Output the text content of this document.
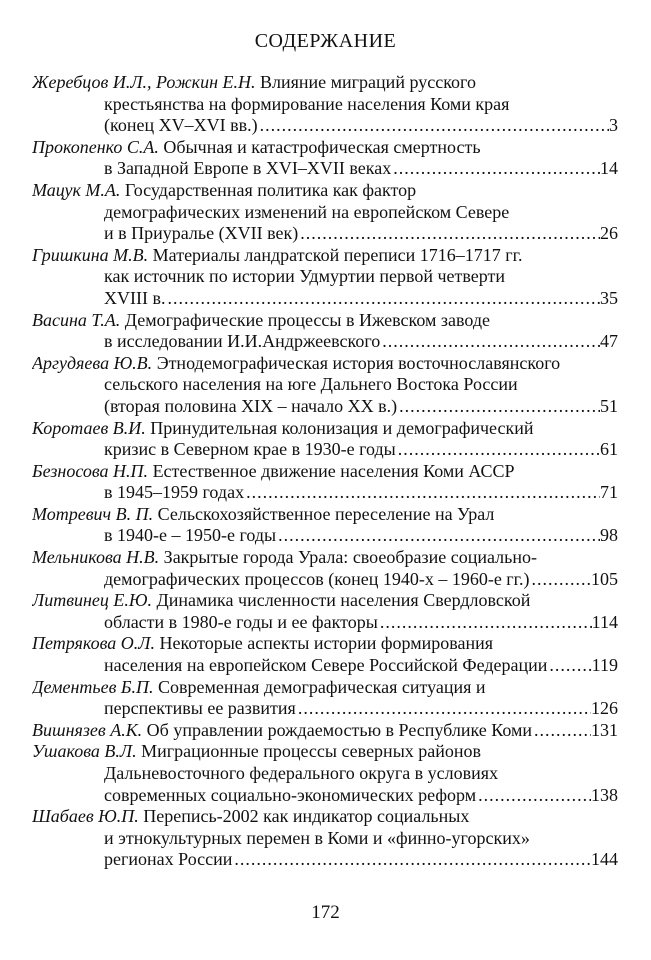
СОДЕРЖАНИЕ
Жеребцов И.Л., Рожкин Е.Н. Влияние миграций русского
крестьянства на формирование населения Коми края
(конец XV–XVI вв.) .....	3
Прокопенко С.А. Обычная и катастрофическая смертность
в Западной Европе в XVI–XVII веках .....	14
Мацук М.А. Государственная политика как фактор
демографических изменений на европейском Севере
и в Приуралье (XVII век) .....	26
Гришкина М.В. Материалы ландратской переписи 1716–1717 гг.
как источник по истории Удмуртии первой четверти
XVIII в. .....	35
Васина Т.А. Демографические процессы в Ижевском заводе
в исследовании И.И.Андржеевского .....	47
Аргудяева Ю.В. Этнодемографическая история восточнославянского
сельского населения на юге Дальнего Востока России
(вторая половина XIX – начало XX в.) .....	51
Коротаев В.И. Принудительная колонизация и демографический
кризис в Северном крае в 1930-е годы .....	61
Безносова Н.П. Естественное движение населения Коми АССР
в 1945–1959 годах .....	71
Мотревич В. П. Сельскохозяйственное переселение на Урал
в 1940-е – 1950-е годы .....	98
Мельникова Н.В. Закрытые города Урала: своеобразие социально-
демографических процессов (конец 1940-х – 1960-е гг.) .....	105
Литвинец Е.Ю. Динамика численности населения Свердловской
области в 1980-е годы и ее факторы .....	114
Петрякова О.Л. Некоторые аспекты истории формирования
населения на европейском Севере Российской Федерации ..... 119
Дементьев Б.П. Современная демографическая ситуация и
перспективы ее развития .....	126
Вишнязев А.К. Об управлении рождаемостью в Республике Коми .....	131
Ушакова В.Л. Миграционные процессы северных районов
Дальневосточного федерального округа в условиях
современных социально-экономических реформ .....	138
Шабаев Ю.П. Перепись-2002 как индикатор социальных
и этнокультурных перемен в Коми и «финно-угорских»
регионах России .....	144
172
